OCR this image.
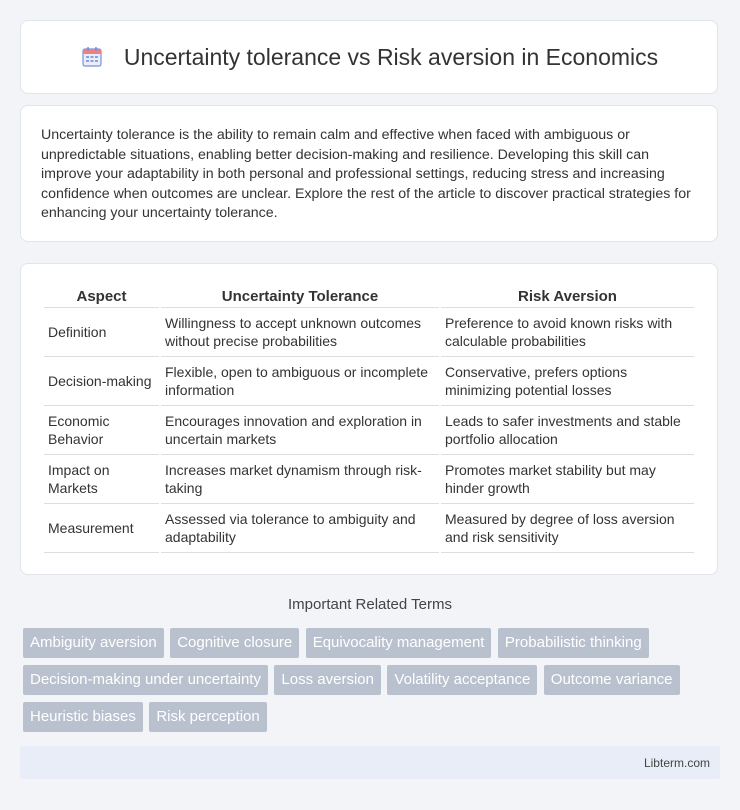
Uncertainty tolerance vs Risk aversion in Economics

Uncertainty tolerance is the ability to remain calm and effective when faced with ambiguous or unpredictable situations, enabling better decision-making and resilience. Developing this skill can improve your adaptability in both personal and professional settings, reducing stress and increasing confidence when outcomes are unclear. Explore the rest of the article to discover practical strategies for enhancing your uncertainty tolerance.

Aspect	Uncertainty Tolerance	Risk Aversion
Definition	Willingness to accept unknown outcomes without precise probabilities	Preference to avoid known risks with calculable probabilities
Decision-making	Flexible, open to ambiguous or incomplete information	Conservative, prefers options minimizing potential losses
Economic Behavior	Encourages innovation and exploration in uncertain markets	Leads to safer investments and stable portfolio allocation
Impact on Markets	Increases market dynamism through risk-taking	Promotes market stability but may hinder growth
Measurement	Assessed via tolerance to ambiguity and adaptability	Measured by degree of loss aversion and risk sensitivity
Important Related Terms
Ambiguity aversion Cognitive closure Equivocality management Probabilistic thinking Decision-making under uncertainty Loss aversion Volatility acceptance Outcome variance Heuristic biases Risk perception
Libterm.com
